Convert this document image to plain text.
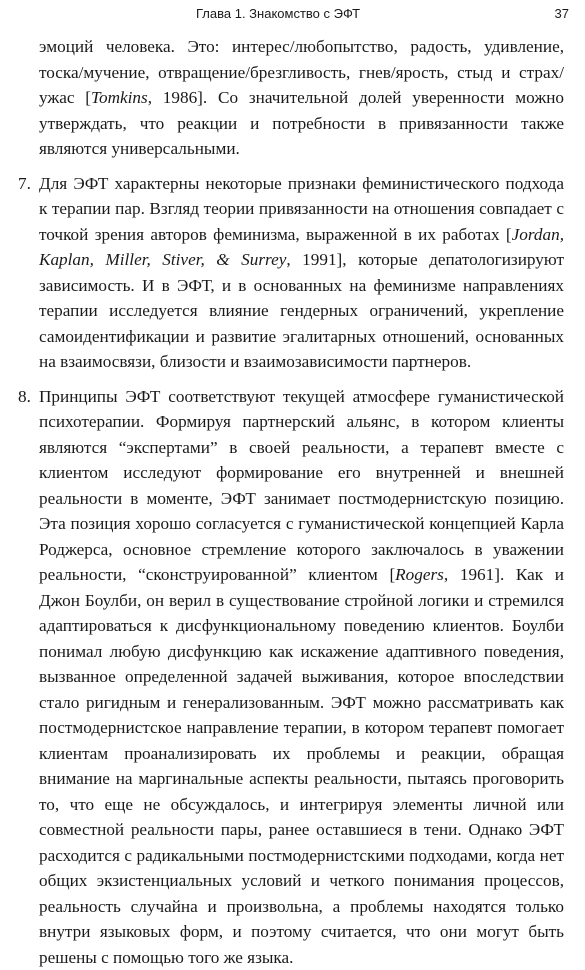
Глава 1. Знакомство с ЭФТ	37

эмоций человека. Это: интерес/любопытство, радость, удивление, тоска/мучение, отвращение/брезгливость, гнев/ярость, стыд и страх/ужас [Tomkins, 1986]. Со значительной долей уверенности можно утверждать, что реакции и потребности в привязанности также являются универсальными.

7. Для ЭФТ характерны некоторые признаки феминистического подхода к терапии пар. Взгляд теории привязанности на отношения совпадает с точкой зрения авторов феминизма, выраженной в их работах [Jordan, Kaplan, Miller, Stiver, & Surrey, 1991], которые депатологизируют зависимость. И в ЭФТ, и в основанных на феминизме направлениях терапии исследуется влияние гендерных ограничений, укрепление самоидентификации и развитие эгалитарных отношений, основанных на взаимосвязи, близости и взаимозависимости партнеров.
8. Принципы ЭФТ соответствуют текущей атмосфере гуманистической психотерапии. Формируя партнерский альянс, в котором клиенты являются “экспертами” в своей реальности, а терапевт вместе с клиентом исследуют формирование его внутренней и внешней реальности в моменте, ЭФТ занимает постмодернистскую позицию. Эта позиция хорошо согласуется с гуманистической концепцией Карла Роджерса, основное стремление которого заключалось в уважении реальности, “сконструированной” клиентом [Rogers, 1961]. Как и Джон Боулби, он верил в существование стройной логики и стремился адаптироваться к дисфункциональному поведению клиентов. Боулби понимал любую дисфункцию как искажение адаптивного поведения, вызванное определенной задачей выживания, которое впоследствии стало ригидным и генерализованным. ЭФТ можно рассматривать как постмодернистское направление терапии, в котором терапевт помогает клиентам проанализировать их проблемы и реакции, обращая внимание на маргинальные аспекты реальности, пытаясь проговорить то, что еще не обсуждалось, и интегрируя элементы личной или совместной реальности пары, ранее оставшиеся в тени. Однако ЭФТ расходится с радикальными постмодернистскими подходами, когда нет общих экзистенциальных условий и четкого понимания процессов, реальность случайна и произвольна, а проблемы находятся только внутри языковых форм, и поэтому считается, что они могут быть решены с помощью того же языка.
